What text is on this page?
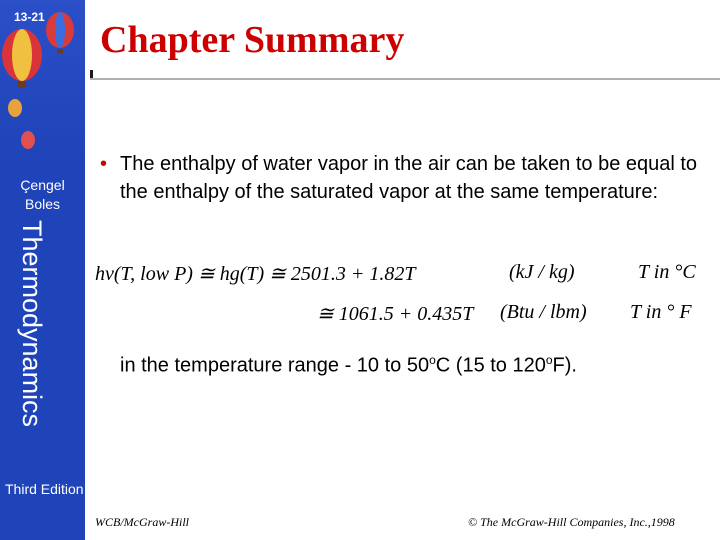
13-21
Çengel
Boles
Thermodynamics
Third Edition
Chapter Summary
• The enthalpy of water vapor in the air can be taken to be equal to the enthalpy of the saturated vapor at the same temperature:
hv(T, low P) ≅ hg(T) ≅ 2501.3 + 1.82T	(kJ / kg)	T in °C
≅ 1061.5 + 0.435T (Btu / lbm) T in ° F
in the temperature range - 10 to 50$^o$C (15 to 120$^o$F).
WCB/McGraw-Hill	© The McGraw-Hill Companies, Inc.,1998
